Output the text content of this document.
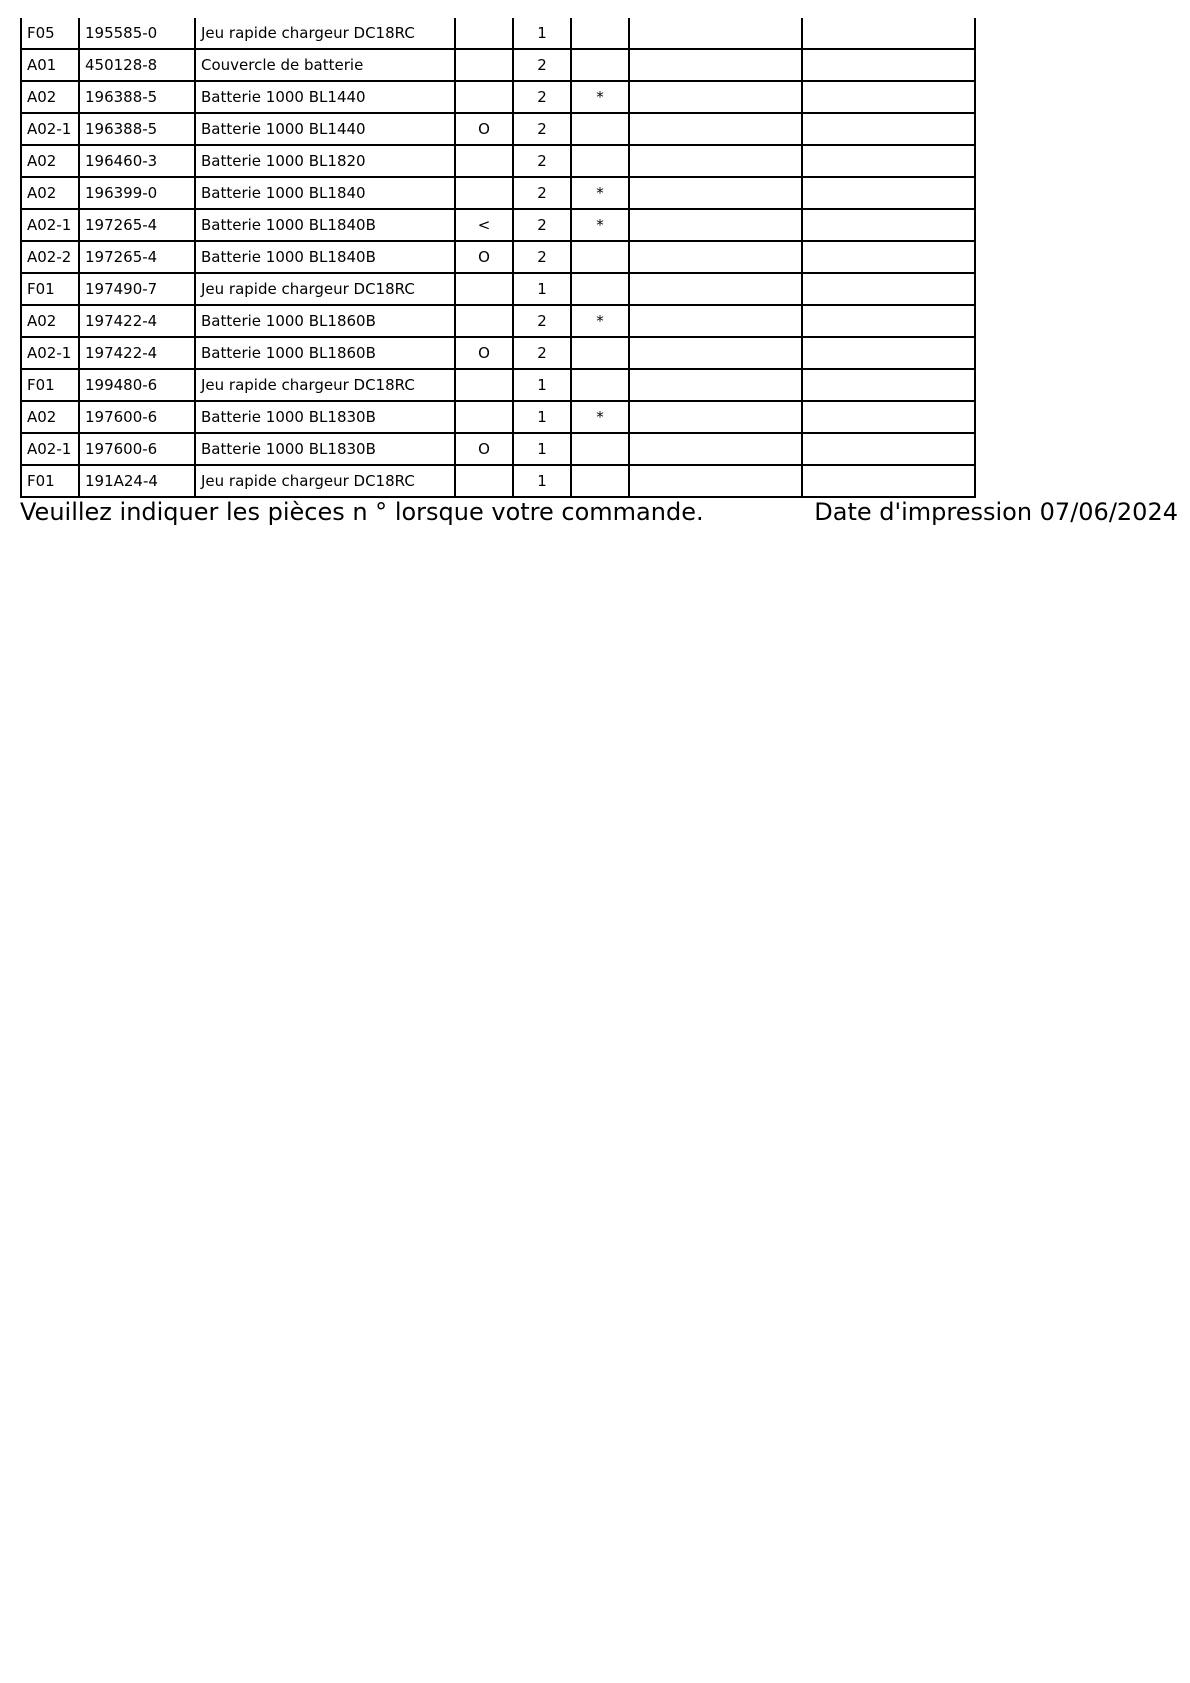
F05	195585-0	Jeu rapide chargeur DC18RC		1			
A01	450128-8	Couvercle de batterie		2			
A02	196388-5	Batterie 1000 BL1440		2	*		
A02-1	196388-5	Batterie 1000 BL1440	O	2			
A02	196460-3	Batterie 1000 BL1820		2			
A02	196399-0	Batterie 1000 BL1840		2	*		
A02-1	197265-4	Batterie 1000 BL1840B	<	2	*		
A02-2	197265-4	Batterie 1000 BL1840B	O	2			
F01	197490-7	Jeu rapide chargeur DC18RC		1			
A02	197422-4	Batterie 1000 BL1860B		2	*		
A02-1	197422-4	Batterie 1000 BL1860B	O	2			
F01	199480-6	Jeu rapide chargeur DC18RC		1			
A02	197600-6	Batterie 1000 BL1830B		1	*		
A02-1	197600-6	Batterie 1000 BL1830B	O	1			
F01	191A24-4	Jeu rapide chargeur DC18RC		1			
Veuillez indiquer les pièces n ° lorsque votre commande.	Date d'impression 07/06/2024
